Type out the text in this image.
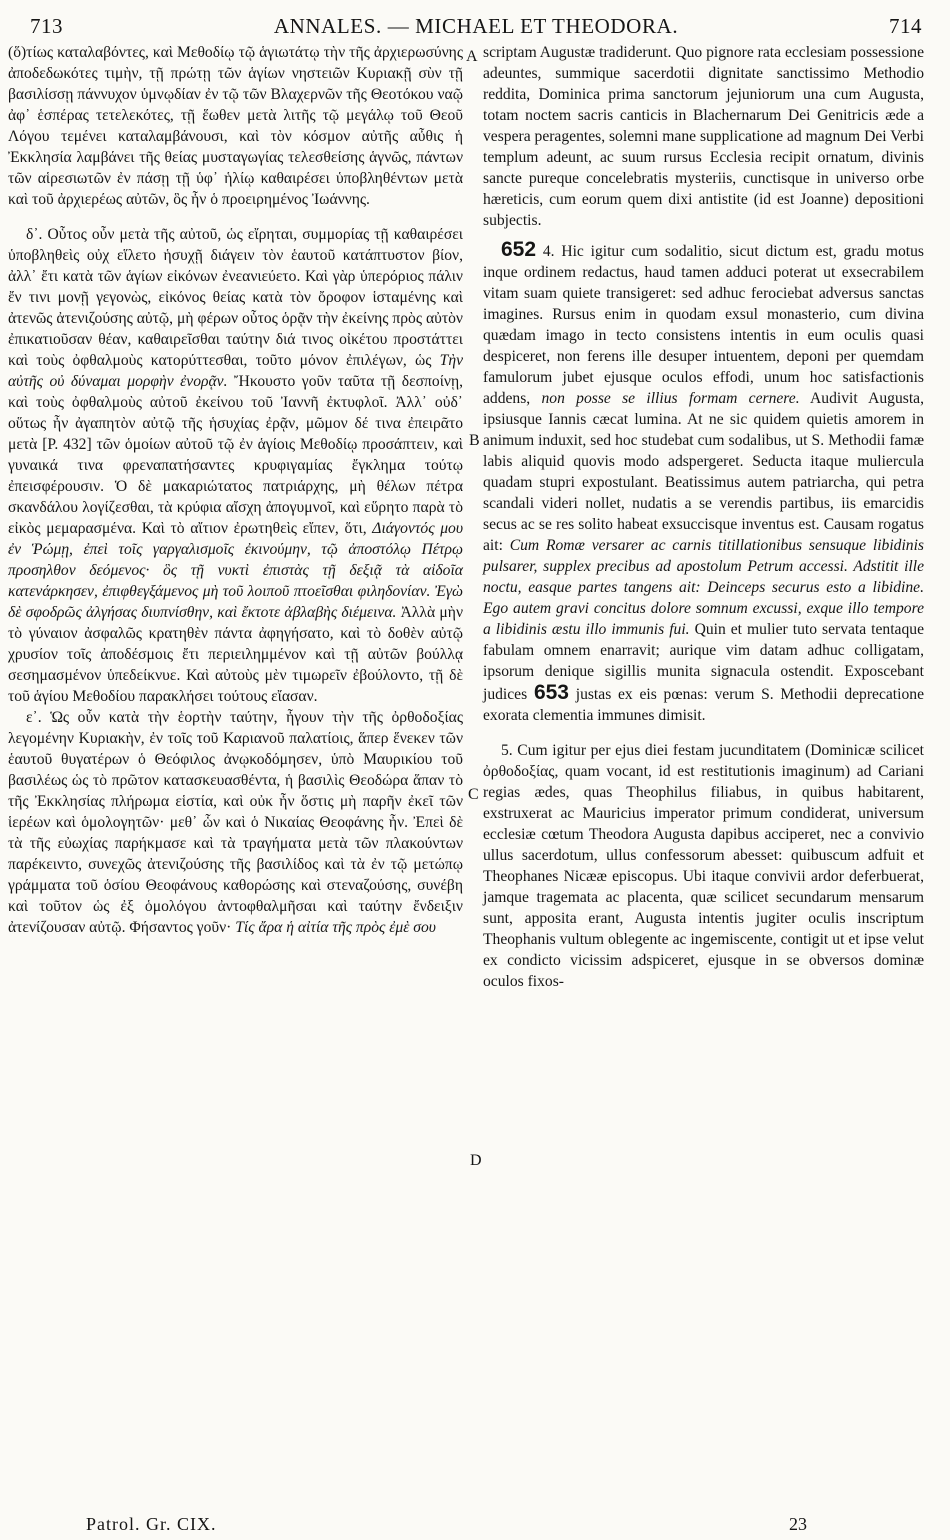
713	ANNALES. — MICHAEL ET THEODORA.	714

(ὅ)τίως καταλαβόντες, καὶ Μεθοδίῳ τῷ ἁγιωτάτῳ τὴν τῆς ἀρχιερωσύνης ἀποδεδωκότες τιμὴν, τῇ πρώτῃ τῶν ἁγίων νηστειῶν Κυριακῇ σὺν τῇ βασιλίσσῃ πάννυχον ὑμνῳδίαν ἐν τῷ τῶν Βλαχερνῶν τῆς Θεοτόκου ναῷ ἀφ᾽ ἑσπέρας τετελεκότες, τῇ ἕωθεν μετὰ λιτῆς τῷ μεγάλῳ τοῦ Θεοῦ Λόγου τεμένει καταλαμβάνουσι, καὶ τὸν κόσμον αὐτῆς αὖθις ἡ Ἐκκλησία λαμβάνει τῆς θείας μυσταγωγίας τελεσθείσης ἁγνῶς, πάντων τῶν αἱρεσιωτῶν ἐν πάσῃ τῇ ὑφ᾽ ἡλίῳ καθαιρέσει ὑποβληθέντων μετὰ καὶ τοῦ ἀρχιερέως αὐτῶν, ὃς ἦν ὁ προειρημένος Ἰωάννης.

δ᾽. Οὗτος οὖν μετὰ τῆς αὐτοῦ, ὡς εἴρηται, συμμορίας τῇ καθαιρέσει ὑποβληθεὶς οὐχ εἵλετο ἡσυχῇ διάγειν τὸν ἑαυτοῦ κατάπτυστον βίον, ἀλλ᾽ ἔτι κατὰ τῶν ἁγίων εἰκόνων ἐνεανιεύετο. Καὶ γὰρ ὑπερόριος πάλιν ἔν τινι μονῇ γεγονὼς, εἰκόνος θείας κατὰ τὸν ὄροφον ἱσταμένης καὶ ἀτενῶς ἀτενιζούσης αὐτῷ, μὴ φέρων οὗτος ὁρᾷν τὴν ἐκείνης πρὸς αὐτὸν ἐπικατιοῦσαν θέαν, καθαιρεῖσθαι ταύτην διά τινος οἰκέτου προστάττει καὶ τοὺς ὀφθαλμοὺς κατορύττεσθαι, τοῦτο μόνον ἐπιλέγων, ὡς Τὴν αὐτῆς οὐ δύναμαι μορφὴν ἐνορᾷν. Ἤκουστο γοῦν ταῦτα τῇ δεσποίνῃ, καὶ τοὺς ὀφθαλμοὺς αὐτοῦ ἐκείνου τοῦ Ἰαννῆ ἐκτυφλοῖ. Ἀλλ᾽ οὐδ᾽ οὕτως ἦν ἀγαπητὸν αὐτῷ τῆς ἡσυχίας ἐρᾷν, μῶμον δέ τινα ἐπειρᾶτο μετὰ [P. 432] τῶν ὁμοίων αὐτοῦ τῷ ἐν ἁγίοις Μεθοδίῳ προσάπτειν, καὶ γυναικά τινα φρεναπατήσαντες κρυφιγαμίας ἔγκλημα τούτῳ ἐπεισφέρουσιν. Ὁ δὲ μακαριώτατος πατριάρχης, μὴ θέλων πέτρα σκανδάλου λογίζεσθαι, τὰ κρύφια αἴσχη ἀπογυμνοῖ, καὶ εὕρητο παρὰ τὸ εἰκὸς μεμαρασμένα. Καὶ τὸ αἴτιον ἐρωτηθεὶς εἴπεν, ὅτι, Διάγοντός μου ἐν Ῥώμῃ, ἐπεὶ τοῖς γαργαλισμοῖς ἐκινούμην, τῷ ἀποστόλῳ Πέτρῳ προσηλθον δεόμενος· ὃς τῇ νυκτὶ ἐπιστὰς τῇ δεξιᾷ τὰ αἰδοῖα κατενάρκησεν, ἐπιφθεγξάμενος μὴ τοῦ λοιποῦ πτοεῖσθαι φιληδονίαν. Ἐγὼ δὲ σφοδρῶς ἀλγήσας διυπνίσθην, καὶ ἔκτοτε ἀβλαβὴς διέμεινα. Ἀλλὰ μὴν τὸ γύναιον ἀσφαλῶς κρατηθὲν πάντα ἀφηγήσατο, καὶ τὸ δοθὲν αὐτῷ χρυσίον τοῖς ἀποδέσμοις ἔτι περιειλημμένον καὶ τῇ αὐτῶν βούλλᾳ σεσημασμένον ὑπεδείκνυε. Καὶ αὐτοὺς μὲν τιμωρεῖν ἐβούλοντο, τῇ δὲ τοῦ ἁγίου Μεθοδίου παρακλήσει τούτους εἴασαν.

ε᾽. Ὡς οὖν κατὰ τὴν ἑορτὴν ταύτην, ἦγουν τὴν τῆς ὀρθοδοξίας λεγομένην Κυριακὴν, ἐν τοῖς τοῦ Καριανοῦ παλατίοις, ἅπερ ἕνεκεν τῶν ἑαυτοῦ θυγατέρων ὁ Θεόφιλος ἀνῳκοδόμησεν, ὑπὸ Μαυρικίου τοῦ βασιλέως ὡς τὸ πρῶτον κατασκευασθέντα, ἡ βασιλὶς Θεοδώρα ἅπαν τὸ τῆς Ἐκκλησίας πλήρωμα εἱστία, καὶ οὐκ ἦν ὅστις μὴ παρῆν ἐκεῖ τῶν ἱερέων καὶ ὁμολογητῶν· μεθ᾽ ὧν καὶ ὁ Νικαίας Θεοφάνης ἦν. Ἐπεὶ δὲ τὰ τῆς εὐωχίας παρήκμασε καὶ τὰ τραγήματα μετὰ τῶν πλακούντων παρέκειντο, συνεχῶς ἀτενιζούσης τῆς βασιλίδος καὶ τὰ ἐν τῷ μετώπῳ γράμματα τοῦ ὁσίου Θεοφάνους καθορώσης καὶ στεναζούσης, συνέβη καὶ τοῦτον ὡς ἐξ ὁμολόγου ἀντοφθαλμῆσαι καὶ ταύτην ἔνδειξιν ἀτενίζουσαν αὐτῷ. Φήσαντος γοῦν· Τίς ἄρα ἡ αἰτία τῆς πρὸς ἐμὲ σου

A
B
C
D

scriptam Augustæ tradiderunt. Quo pignore rata ecclesiam possessione adeuntes, summique sacerdotii dignitate sanctissimo Methodio reddita, Dominica prima sanctorum jejuniorum una cum Augusta, totam noctem sacris canticis in Blachernarum Dei Genitricis æde a vespera peragentes, solemni mane supplicatione ad magnum Dei Verbi templum adeunt, ac suum rursus Ecclesia recipit ornatum, divinis sancte pureque concelebratis mysteriis, cunctisque in universo orbe hæreticis, cum eorum quem dixi antistite (id est Joanne) depositioni subjectis.

652 4. Hic igitur cum sodalitio, sicut dictum est, gradu motus inque ordinem redactus, haud tamen adduci poterat ut exsecrabilem vitam suam quiete transigeret: sed adhuc ferociebat adversus sanctas imagines. Rursus enim in quodam exsul monasterio, cum divina quædam imago in tecto consistens intentis in eum oculis quasi despiceret, non ferens ille desuper intuentem, deponi per quemdam famulorum jubet ejusque oculos effodi, unum hoc satisfactionis addens, non posse se illius formam cernere. Audivit Augusta, ipsiusque Iannis cæcat lumina. At ne sic quidem quietis amorem in animum induxit, sed hoc studebat cum sodalibus, ut S. Methodii famæ labis aliquid quovis modo adspergeret. Seducta itaque muliercula quadam stupri expostulant. Beatissimus autem patriarcha, qui petra scandali videri nollet, nudatis a se verendis partibus, iis emarcidis secus ac se res solito habeat exsuccisque inventus est. Causam rogatus ait: Cum Romæ versarer ac carnis titillationibus sensuque libidinis pulsarer, supplex precibus ad apostolum Petrum accessi. Adstitit ille noctu, easque partes tangens ait: Deinceps securus esto a libidine. Ego autem gravi concitus dolore somnum excussi, exque illo tempore a libidinis æstu illo immunis fui. Quin et mulier tuto servata tentaque fabulam omnem enarravit; aurique vim datam adhuc colligatam, ipsorum denique sigillis munita signacula ostendit. Exposcebant judices 653 justas ex eis pœnas: verum S. Methodii deprecatione exorata clementia immunes dimisit.

5. Cum igitur per ejus diei festam jucunditatem (Dominicæ scilicet ὀρθοδοξίας, quam vocant, id est restitutionis imaginum) ad Cariani regias ædes, quas Theophilus filiabus, in quibus habitarent, exstruxerat ac Mauricius imperator primum condiderat, universum ecclesiæ cœtum Theodora Augusta dapibus acciperet, nec a convivio ullus sacerdotum, ullus confessorum abesset: quibuscum adfuit et Theophanes Nicææ episcopus. Ubi itaque convivii ardor deferbuerat, jamque tragemata ac placenta, quæ scilicet secundarum mensarum sunt, apposita erant, Augusta intentis jugiter oculis inscriptum Theophanis vultum oblegente ac ingemiscente, contigit ut et ipse velut ex condicto vicissim adspiceret, ejusque in se obversos dominæ oculos fixos-

Patrol. Gr. CIX.	23
